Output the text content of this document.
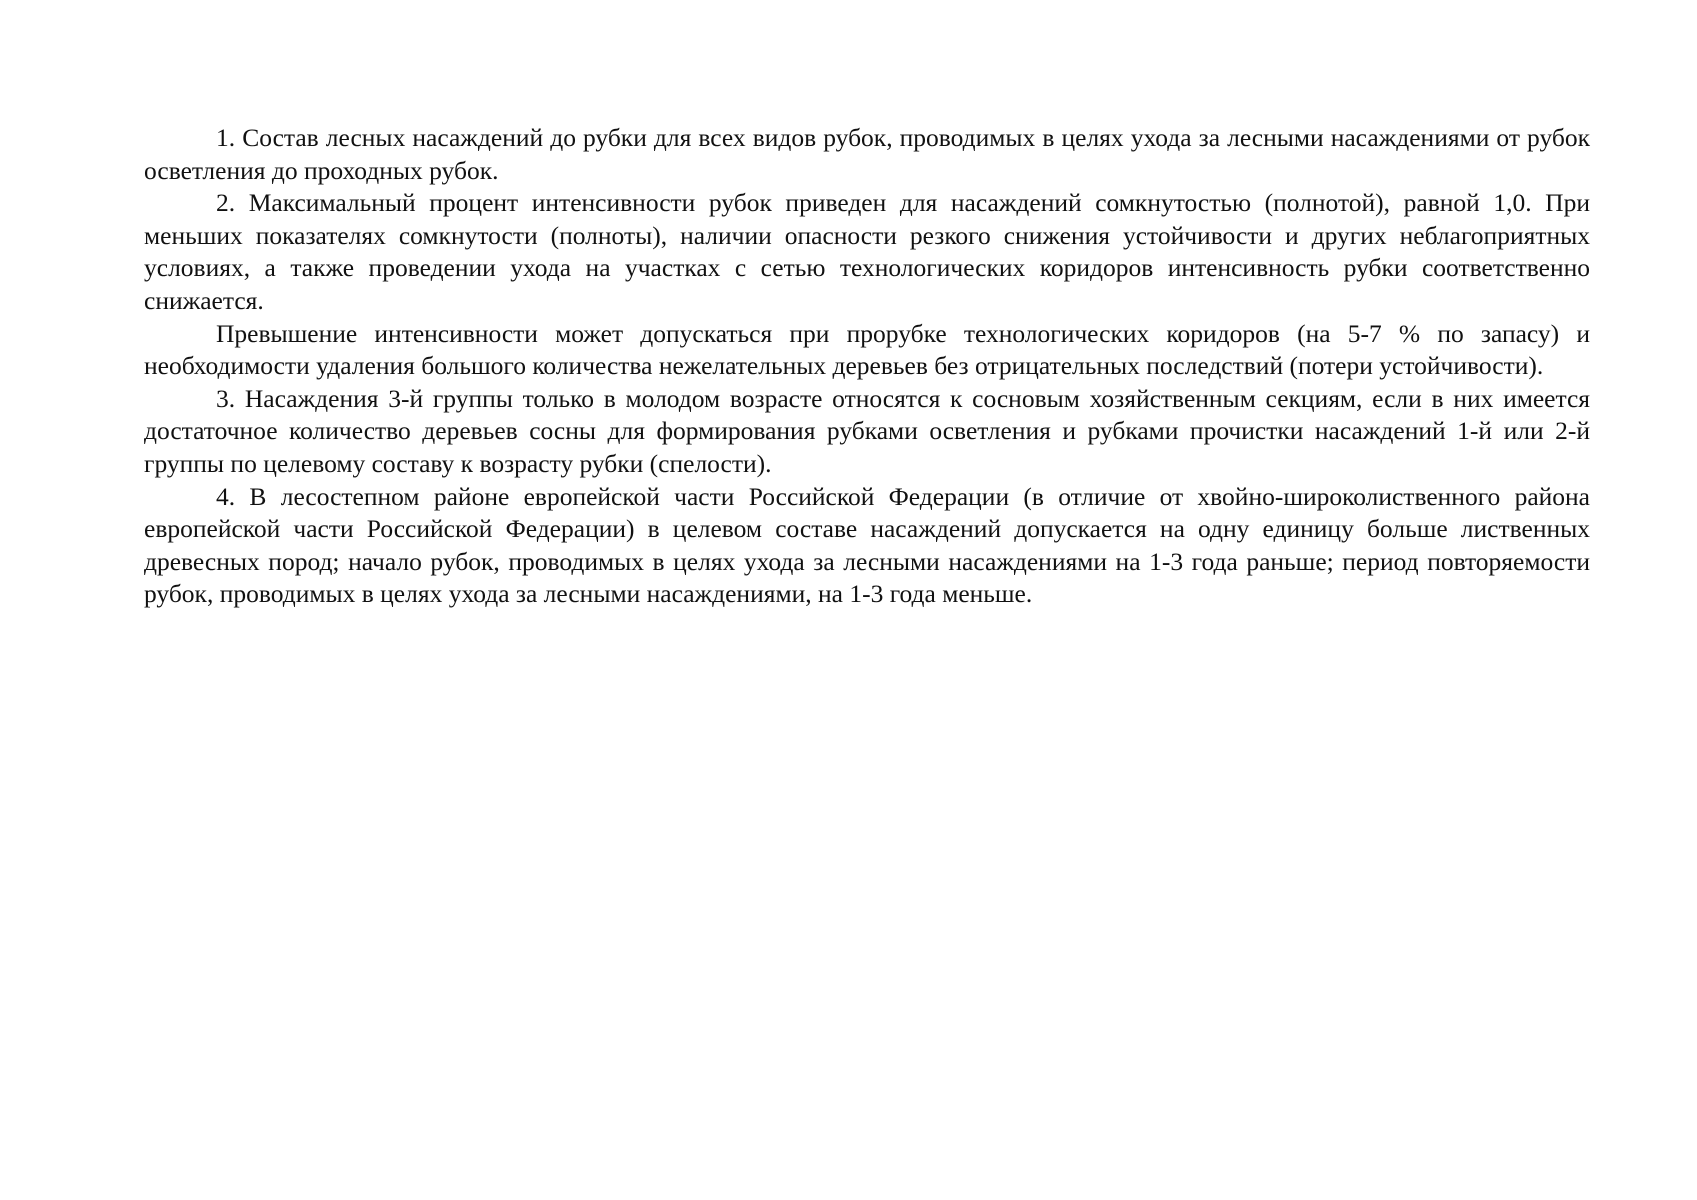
1. Состав лесных насаждений до рубки для всех видов рубок, проводимых в целях ухода за лесными насаждениями от рубок осветления до проходных рубок.

2. Максимальный процент интенсивности рубок приведен для насаждений сомкнутостью (полнотой), равной 1,0. При меньших показателях сомкнутости (полноты), наличии опасности резкого снижения устойчивости и других неблагоприятных условиях, а также проведении ухода на участках с сетью технологических коридоров интенсивность рубки соответственно снижается.

Превышение интенсивности может допускаться при прорубке технологических коридоров (на 5-7 % по запасу) и необходимости удаления большого количества нежелательных деревьев без отрицательных последствий (потери устойчивости).

3. Насаждения 3-й группы только в молодом возрасте относятся к сосновым хозяйственным секциям, если в них имеется достаточное количество деревьев сосны для формирования рубками осветления и рубками прочистки насаждений 1-й или 2-й группы по целевому составу к возрасту рубки (спелости).

4. В лесостепном районе европейской части Российской Федерации (в отличие от хвойно-широколиственного района европейской части Российской Федерации) в целевом составе насаждений допускается на одну единицу больше лиственных древесных пород; начало рубок, проводимых в целях ухода за лесными насаждениями на 1-3 года раньше; период повторяемости рубок, проводимых в целях ухода за лесными насаждениями, на 1-3 года меньше.
